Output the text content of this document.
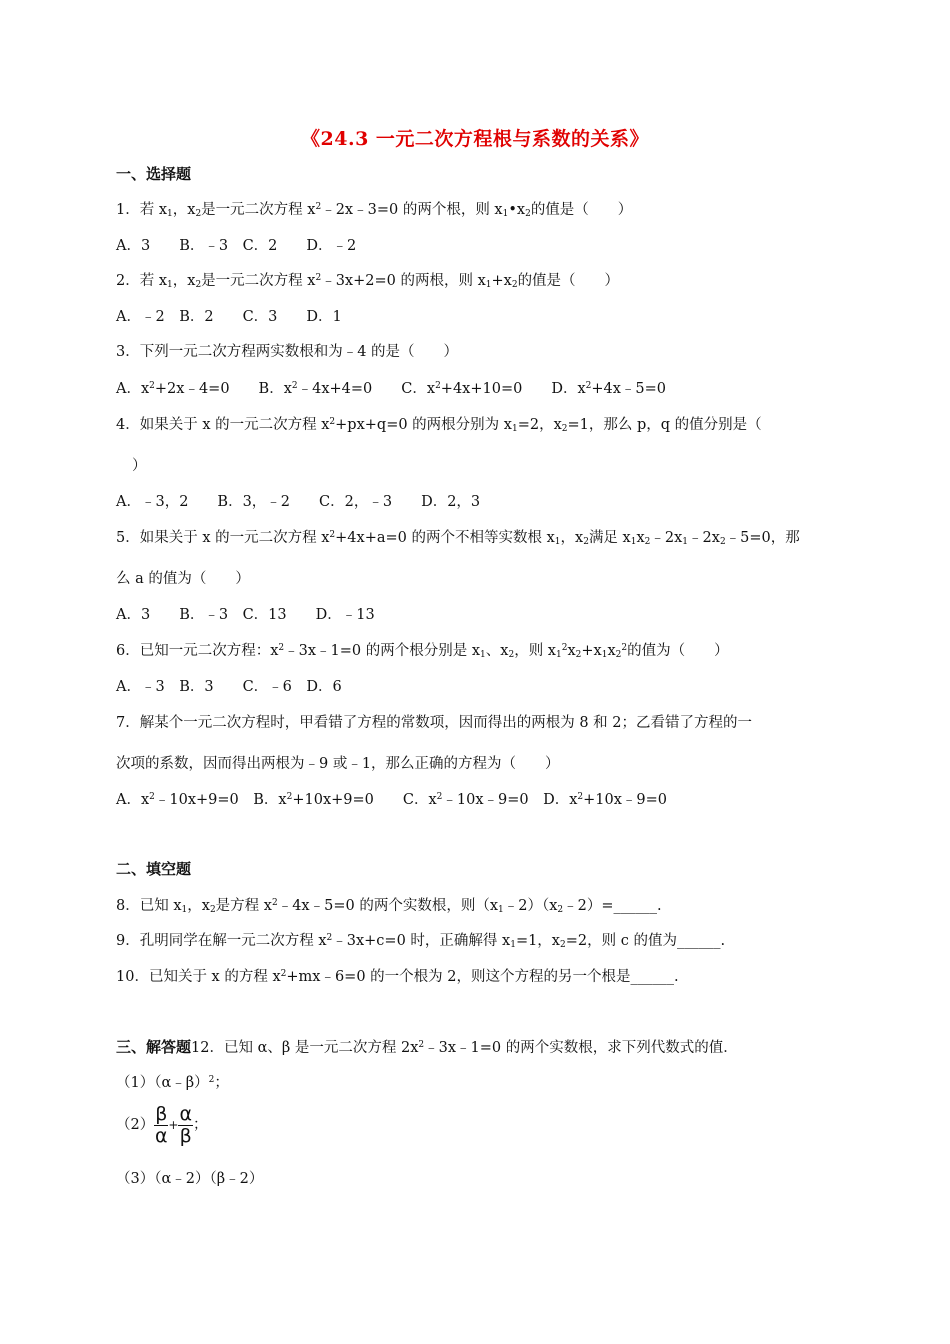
《24.3 一元二次方程根与系数的关系》
一、选择题
1．若 $x_1$，$x_2$是一元二次方程 $x^2﹣2x﹣3=0$ 的两个根，则 $x_1•x_2$的值是（　　）
A．3　　B．﹣3　C．2　　D．﹣2
2．若 $x_1$，$x_2$是一元二次方程 $x^2﹣3x+2=0$ 的两根，则 $x_1+x_2$的值是（　　）
A．﹣2　B．2　　C．3　　D．1
3．下列一元二次方程两实数根和为﹣4 的是（　　）
A．$x^2+2x﹣4=0$　　B．$x^2﹣4x+4=0$　　C．$x^2+4x+10=0$　　D．$x^2+4x﹣5=0$
4．如果关于 x 的一元二次方程 $x^2+px+q=0$ 的两根分别为 $x_1=2$，$x_2=1$，那么 p，q 的值分别是（
）
A．﹣3，2　　B．3，﹣2　　C．2，﹣3　　D．2，3
5．如果关于 x 的一元二次方程 $x^2+4x+a=0$ 的两个不相等实数根 $x_1$，$x_2$满足 $x_1x_2﹣2x_1﹣2x_2﹣5=0$，那
么 a 的值为（　　）
A．3　　B．﹣3　C．13　　D．﹣13
6．已知一元二次方程：$x^2﹣3x﹣1=0$ 的两个根分别是 $x_1$、$x_2$，则 $x_1^2x_2+x_1x_2^2$的值为（　　）
A．﹣3　B．3　　C．﹣6　D．6
7．解某个一元二次方程时，甲看错了方程的常数项，因而得出的两根为 8 和 2；乙看错了方程的一
次项的系数，因而得出两根为﹣9 或﹣1，那么正确的方程为（　　）
A．$x^2﹣10x+9=0$　B．$x^2+10x+9=0$　　C．$x^2﹣10x﹣9=0$　D．$x^2+10x﹣9=0$
二、填空题
8．已知 $x_1$，$x_2$是方程 $x^2﹣4x﹣5=0$ 的两个实数根，则$(x_1﹣2)(x_2﹣2)=\_\_\_\_\_\_$.
9．孔明同学在解一元二次方程 $x^2﹣3x+c=0$ 时，正确解得 $x_1=1$，$x_2=2$，则 c 的值为______.
10．已知关于 x 的方程 $x^2+mx﹣6=0$ 的一个根为 2，则这个方程的另一个根是______.
三、解答题12．已知 α、β 是一元二次方程 $2x^2﹣3x﹣1=0$ 的两个实数根，求下列代数式的值．
（1）（α﹣β）$^2$；
$(2) \frac{\beta}{\alpha} + \frac{\alpha}{\beta}$ ；
（3）（α﹣2）（β﹣2）
